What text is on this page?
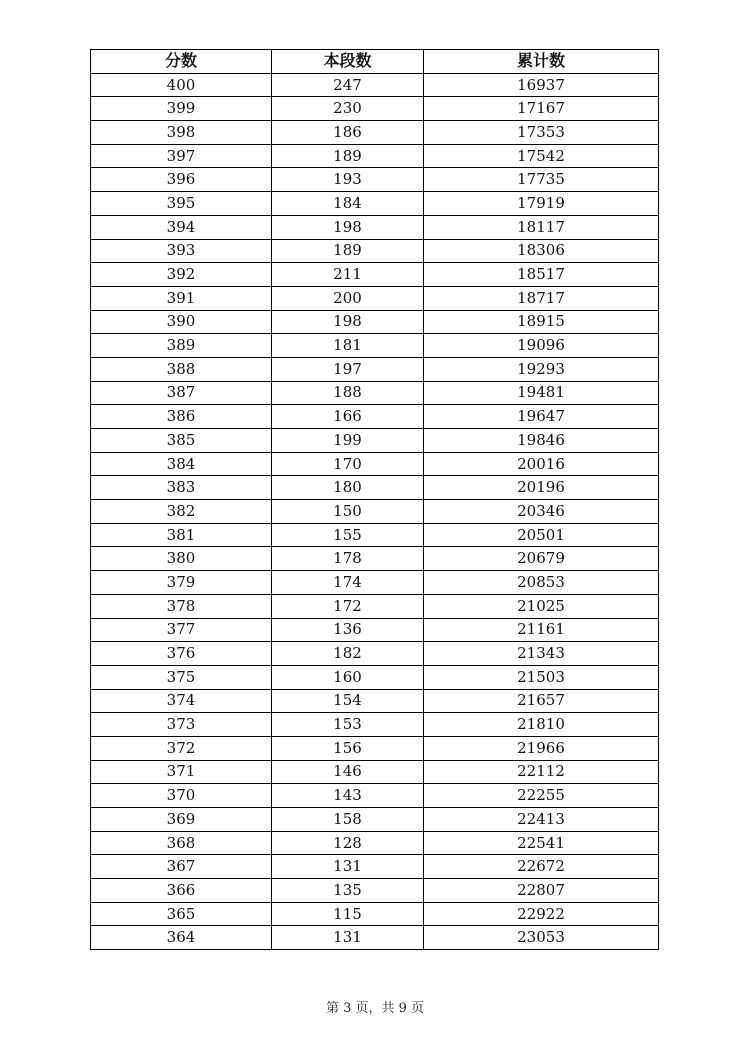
分数	本段数	累计数
400	247	16937
399	230	17167
398	186	17353
397	189	17542
396	193	17735
395	184	17919
394	198	18117
393	189	18306
392	211	18517
391	200	18717
390	198	18915
389	181	19096
388	197	19293
387	188	19481
386	166	19647
385	199	19846
384	170	20016
383	180	20196
382	150	20346
381	155	20501
380	178	20679
379	174	20853
378	172	21025
377	136	21161
376	182	21343
375	160	21503
374	154	21657
373	153	21810
372	156	21966
371	146	22112
370	143	22255
369	158	22413
368	128	22541
367	131	22672
366	135	22807
365	115	22922
364	131	23053
第 3 页，共 9 页
